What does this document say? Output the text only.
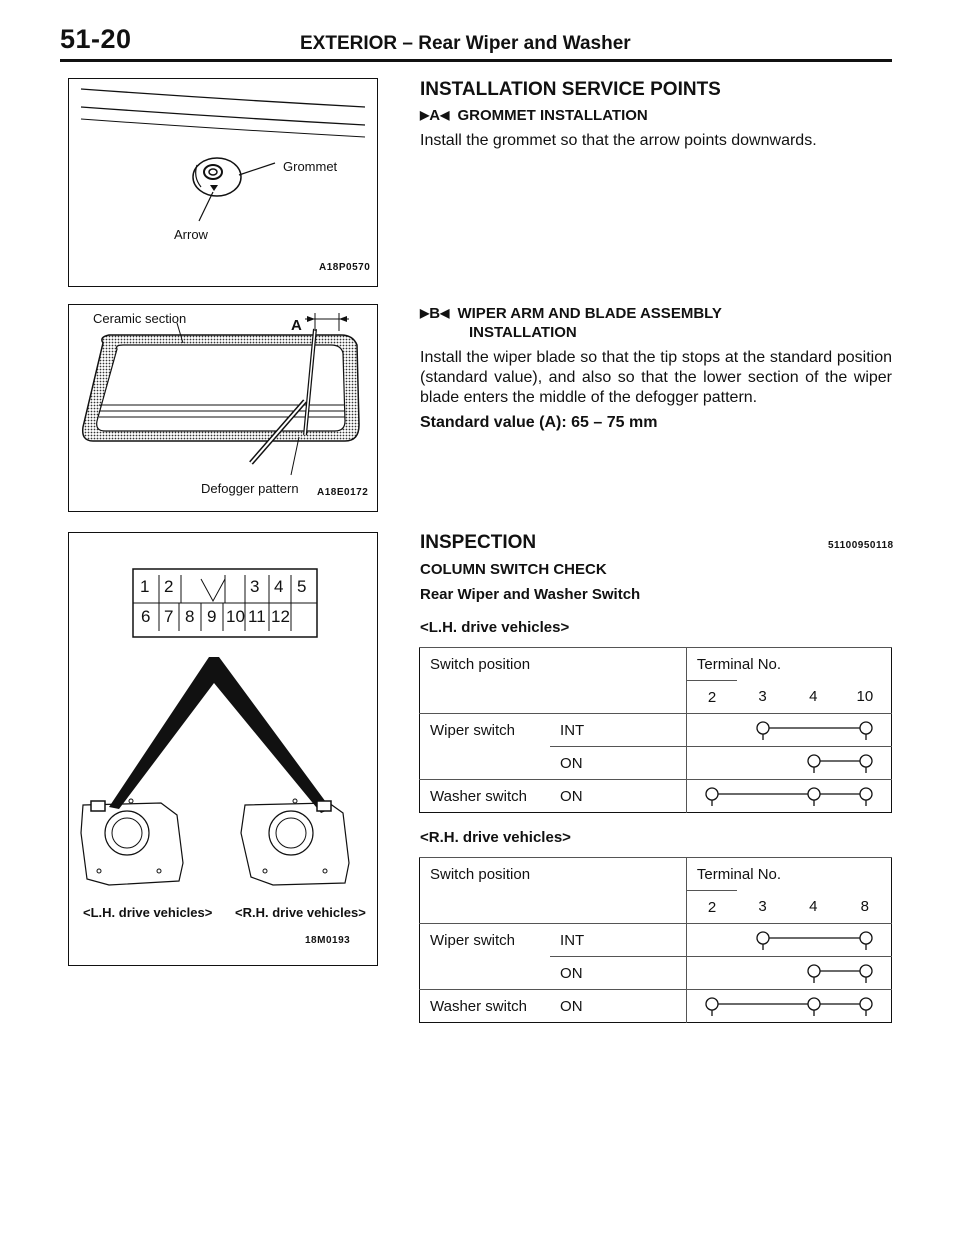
51-20	EXTERIOR – Rear Wiper and Washer
Grommet
Arrow
A18P0570
Ceramic section	A
Defogger pattern A18E0172
1 2	3 4 5
6 7 8 9 10 11 12
<L.H. drive vehicles> <R.H. drive vehicles>
18M0193
INSTALLATION SERVICE POINTS
▶A◀ GROMMET INSTALLATION
Install the grommet so that the arrow points downwards.
▶B◀ WIPER ARM AND BLADE ASSEMBLY
INSTALLATION
Install the wiper blade so that the tip stops at the standard position (standard value), and also so that the lower section of the wiper blade enters the middle of the defogger pattern.
Standard value (A): 65 – 75 mm
INSPECTION	51100950118
COLUMN SWITCH CHECK
Rear Wiper and Washer Switch
<L.H. drive vehicles>
Switch position		Terminal No.			
		2	3	4	10
Wiper switch	INT	

	ON	

Washer switch	ON	
<R.H. drive vehicles>
Switch position		Terminal No.			
		2	3	4	8
Wiper switch	INT	

	ON	

Washer switch	ON	
